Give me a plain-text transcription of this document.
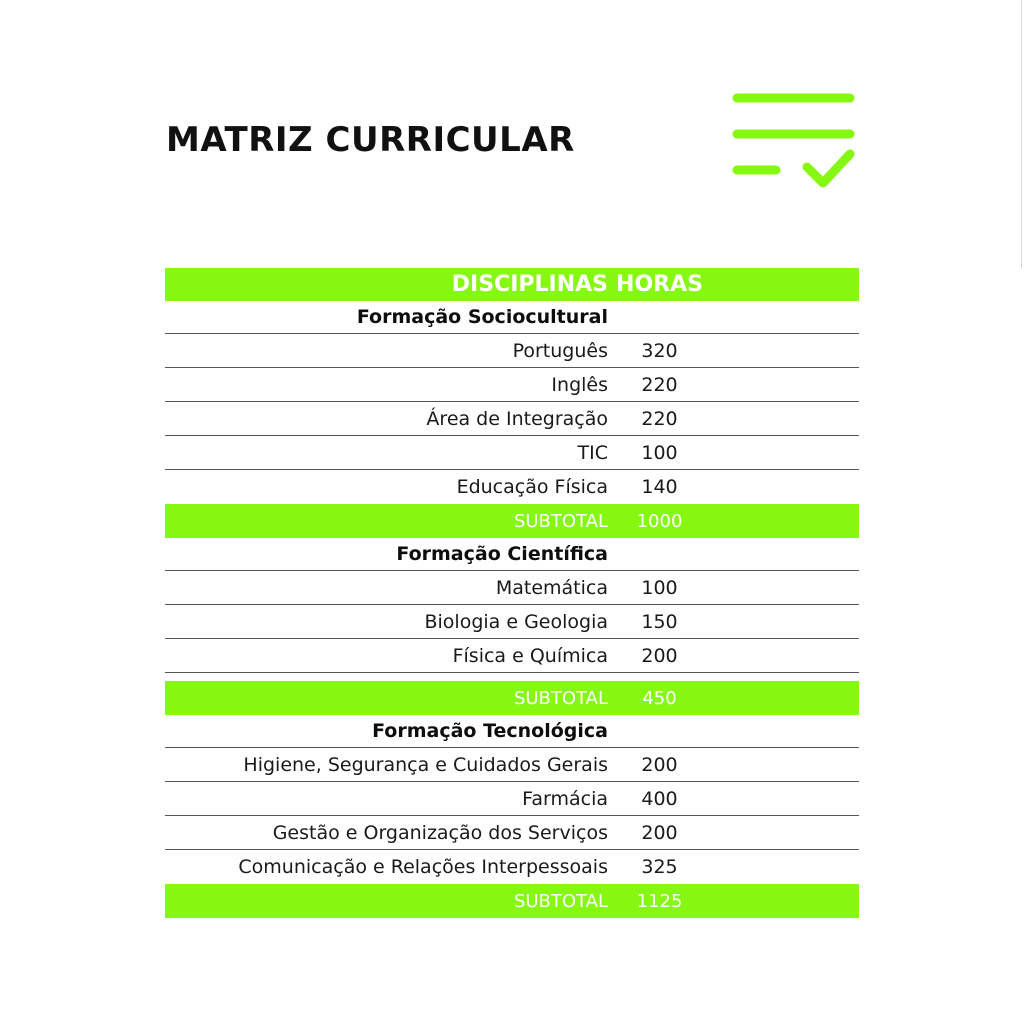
MATRIZ CURRICULAR
DISCIPLINAS HORAS
Formação Sociocultural
Português	320
Inglês	220
Área de Integração	220
TIC	100
Educação Física	140
SUBTOTAL	1000
Formação Científica
Matemática	100
Biologia e Geologia	150
Física e Química	200
SUBTOTAL	450
Formação Tecnológica
Higiene, Segurança e Cuidados Gerais	200
Farmácia	400
Gestão e Organização dos Serviços	200
Comunicação e Relações Interpessoais	325
SUBTOTAL	1125
